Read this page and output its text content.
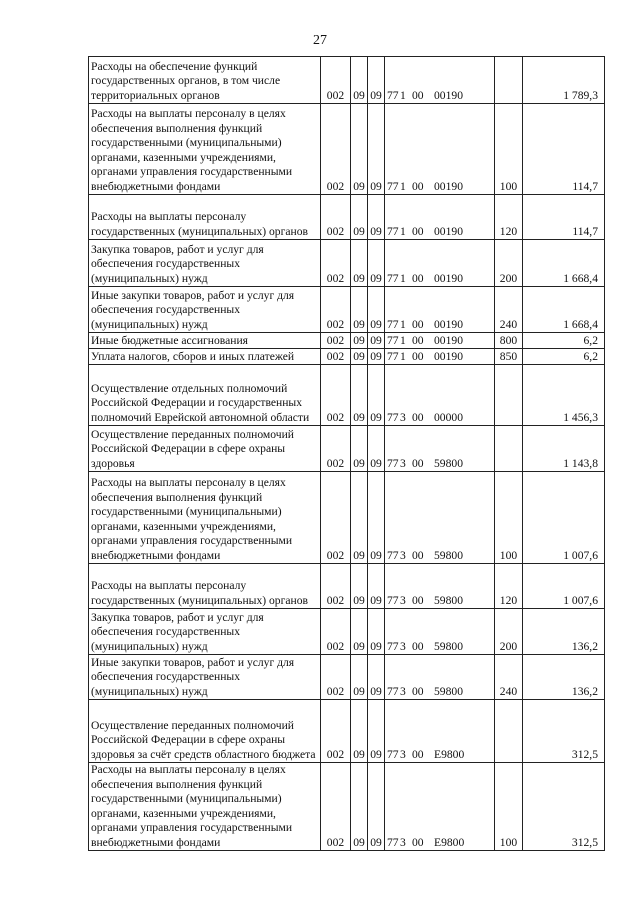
27
Расходы на обеспечение функций государственных органов, в том числе территориальных органов	002	09	09	771 00 00190		1 789,3
Расходы на выплаты персоналу в целях обеспечения выполнения функций государственными (муниципальными) органами, казенными учреждениями, органами управления государственными внебюджетными фондами	002	09	09	771 00 00190	100	114,7
Расходы на выплаты персоналу государственных (муниципальных) органов	002	09	09	771 00 00190	120	114,7
Закупка товаров, работ и услуг для обеспечения государственных (муниципальных) нужд	002	09	09	771 00 00190	200	1 668,4
Иные закупки товаров, работ и услуг для обеспечения государственных (муниципальных) нужд	002	09	09	771 00 00190	240	1 668,4
Иные бюджетные ассигнования	002	09	09	771 00 00190	800	6,2
Уплата налогов, сборов и иных платежей	002	09	09	771 00 00190	850	6,2
Осуществление отдельных полномочий Российской Федерации и государственных полномочий Еврейской автономной области	002	09	09	773 00 00000		1 456,3
Осуществление переданных полномочий Российской Федерации в сфере охраны здоровья	002	09	09	773 00 59800		1 143,8
Расходы на выплаты персоналу в целях обеспечения выполнения функций государственными (муниципальными) органами, казенными учреждениями, органами управления государственными внебюджетными фондами	002	09	09	773 00 59800	100	1 007,6
Расходы на выплаты персоналу государственных (муниципальных) органов	002	09	09	773 00 59800	120	1 007,6
Закупка товаров, работ и услуг для обеспечения государственных (муниципальных) нужд	002	09	09	773 00 59800	200	136,2
Иные закупки товаров, работ и услуг для обеспечения государственных (муниципальных) нужд	002	09	09	773 00 59800	240	136,2
Осуществление переданных полномочий Российской Федерации в сфере охраны здоровья за счёт средств областного бюджета	002	09	09	773 00 E9800		312,5
Расходы на выплаты персоналу в целях обеспечения выполнения функций государственными (муниципальными) органами, казенными учреждениями, органами управления государственными внебюджетными фондами	002	09	09	773 00 E9800	100	312,5
